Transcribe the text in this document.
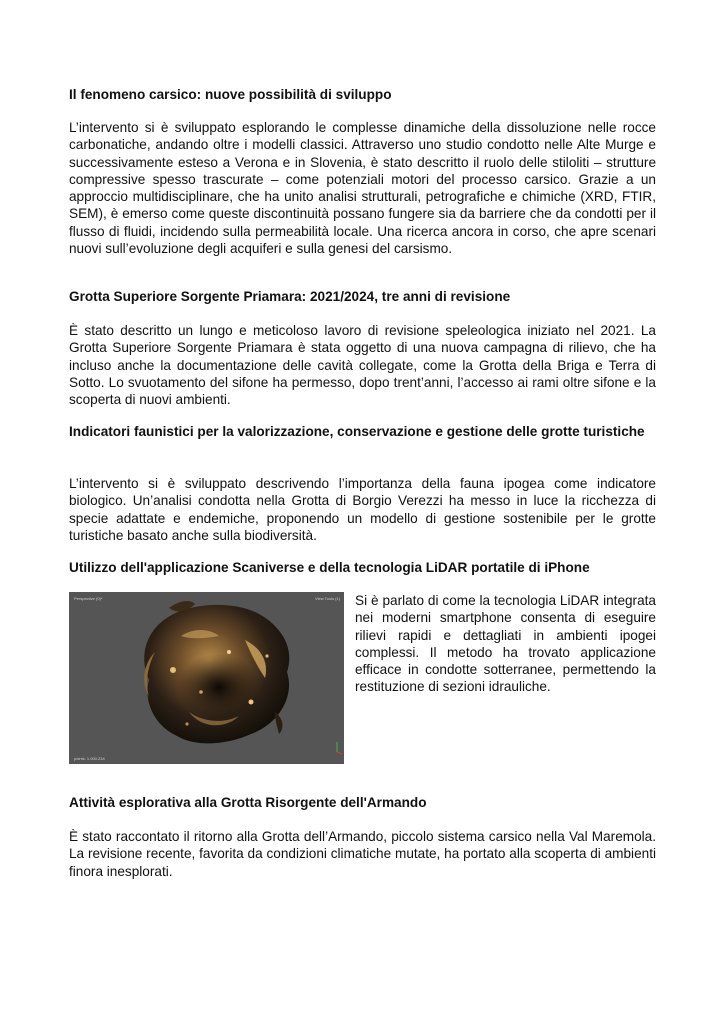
Il fenomeno carsico: nuove possibilità di sviluppo

L’intervento si è sviluppato esplorando le complesse dinamiche della dissoluzione nelle rocce carbonatiche, andando oltre i modelli classici. Attraverso uno studio condotto nelle Alte Murge e successivamente esteso a Verona e in Slovenia, è stato descritto il ruolo delle stiloliti – strutture compressive spesso trascurate – come potenziali motori del processo carsico. Grazie a un approccio multidisciplinare, che ha unito analisi strutturali, petrografiche e chimiche (XRD, FTIR, SEM), è emerso come queste discontinuità possano fungere sia da barriere che da condotti per il flusso di fluidi, incidendo sulla permeabilità locale. Una ricerca ancora in corso, che apre scenari nuovi sull’evoluzione degli acquiferi e sulla genesi del carsismo.

Grotta Superiore Sorgente Priamara: 2021/2024, tre anni di revisione

È stato descritto un lungo e meticoloso lavoro di revisione speleologica iniziato nel 2021. La Grotta Superiore Sorgente Priamara è stata oggetto di una nuova campagna di rilievo, che ha incluso anche la documentazione delle cavità collegate, come la Grotta della Briga e Terra di Sotto. Lo svuotamento del sifone ha permesso, dopo trent’anni, l’accesso ai rami oltre sifone e la scoperta di nuovi ambienti.

Indicatori faunistici per la valorizzazione, conservazione e gestione delle grotte turistiche

L’intervento si è sviluppato descrivendo l’importanza della fauna ipogea come indicatore biologico. Un’analisi condotta nella Grotta di Borgio Verezzi ha messo in luce la ricchezza di specie adattate e endemiche, proponendo un modello di gestione sostenibile per le grotte turistiche basato anche sulla biodiversità.

Utilizzo dell'applicazione Scaniverse e della tecnologia LiDAR portatile di iPhone
Perspective (0)*	View Tools (1)
points: 1.000.234

Si è parlato di come la tecnologia LiDAR integrata nei moderni smartphone consenta di eseguire rilievi rapidi e dettagliati in ambienti ipogei complessi. Il metodo ha trovato applicazione efficace in condotte sotterranee, permettendo la restituzione di sezioni idrauliche.

Attività esplorativa alla Grotta Risorgente dell'Armando

È stato raccontato il ritorno alla Grotta dell’Armando, piccolo sistema carsico nella Val Maremola. La revisione recente, favorita da condizioni climatiche mutate, ha portato alla scoperta di ambienti finora inesplorati.
